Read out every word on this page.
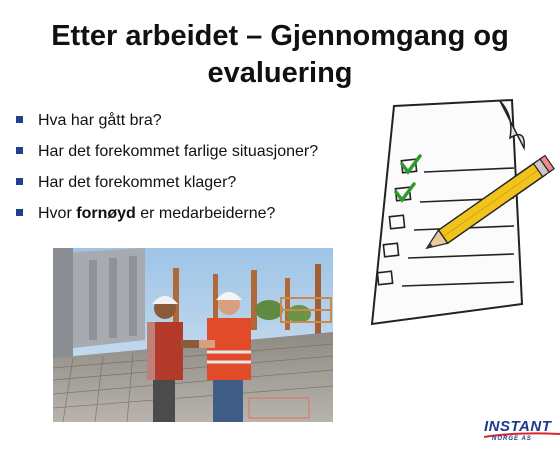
Etter arbeidet – Gjennomgang og
evaluering
Hva har gått bra?
Har det forekommet farlige situasjoner?
Har det forekommet klager?
Hvor fornøyd er medarbeiderne?
INSTANT
NORGE AS
